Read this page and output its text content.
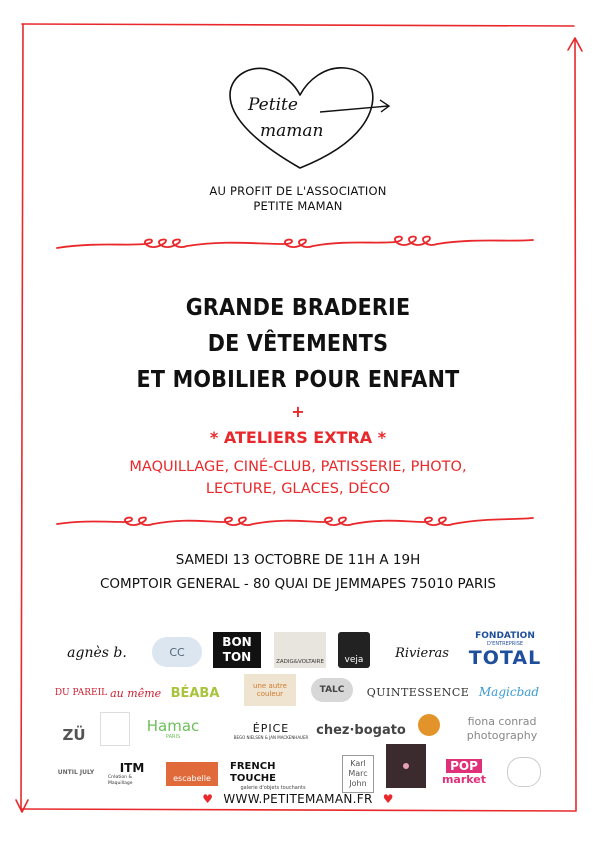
Petite
maman
AU PROFIT DE L'ASSOCIATION
PETITE MAMAN
GRANDE BRADERIE
DE VÊTEMENTS
ET MOBILIER POUR ENFANT
+
* ATELIERS EXTRA *
MAQUILLAGE, CINÉ-CLUB, PATISSERIE, PHOTO,
LECTURE, GLACES, DÉCO
SAMEDI 13 OCTOBRE DE 11H A 19H
COMPTOIR GENERAL - 80 QUAI DE JEMMAPES 75010 PARIS
agnès b.	CC
BON
TON	ZADIG&VOLTAIRE	veja	Rivieras
FONDATION
D'ENTREPRISE
TOTAL
DU PAREIL au même BÉABA	une autre couleur	TALC	QUINTESSENCE Magicbad
ZÜ
Hamac
PARIS
ÉPICE
BEGO NIELSEN & JAN MACKENHAUER chez·bogato
fiona conrad
photography
UNTIL JULY ITM
Création & Maquillage	escabelle
FRENCH TOUCHE
galerie d'objets touchants
Karl Marc John
POP
market
♥ WWW.PETITEMAMAN.FR ♥
